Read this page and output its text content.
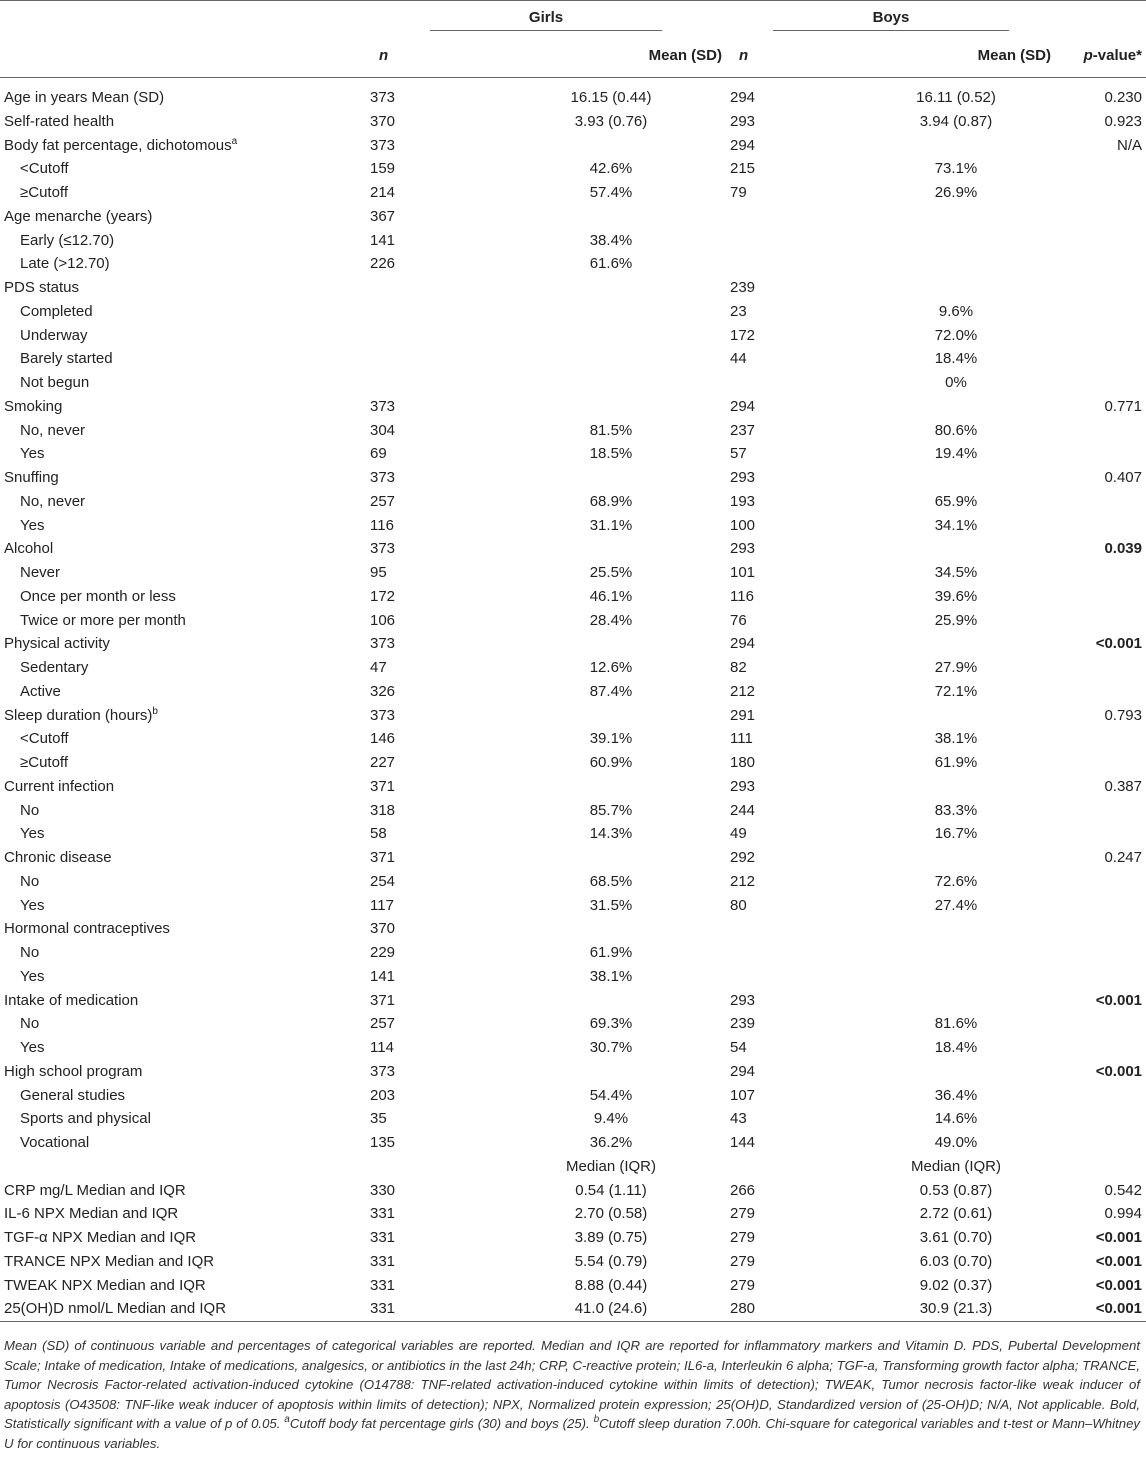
	Girls		Boys		
	n	Mean (SD)	n	Mean (SD)	p-value*

Age in years Mean (SD)	373	16.15 (0.44)	294	16.11 (0.52)	0.230
Self-rated health	370	3.93 (0.76)	293	3.94 (0.87)	0.923
Body fat percentage, dichotomous$^a$	373		294		N/A
<Cutoff	159	42.6%	215	73.1%	
≥Cutoff	214	57.4%	79	26.9%	
Age menarche (years)	367				
Early (≤12.70)	141	38.4%			
Late (>12.70)	226	61.6%			
PDS status			239		
Completed			23	9.6%	
Underway			172	72.0%	
Barely started			44	18.4%	
Not begun				0%	
Smoking	373		294		0.771
No, never	304	81.5%	237	80.6%	
Yes	69	18.5%	57	19.4%	
Snuffing	373		293		0.407
No, never	257	68.9%	193	65.9%	
Yes	116	31.1%	100	34.1%	
Alcohol	373		293		0.039
Never	95	25.5%	101	34.5%	
Once per month or less	172	46.1%	116	39.6%	
Twice or more per month	106	28.4%	76	25.9%	
Physical activity	373		294		<0.001
Sedentary	47	12.6%	82	27.9%	
Active	326	87.4%	212	72.1%	
Sleep duration (hours)$^b$	373		291		0.793
<Cutoff	146	39.1%	111	38.1%	
≥Cutoff	227	60.9%	180	61.9%	
Current infection	371		293		0.387
No	318	85.7%	244	83.3%	
Yes	58	14.3%	49	16.7%	
Chronic disease	371		292		0.247
No	254	68.5%	212	72.6%	
Yes	117	31.5%	80	27.4%	
Hormonal contraceptives	370				
No	229	61.9%			
Yes	141	38.1%			
Intake of medication	371		293		<0.001
No	257	69.3%	239	81.6%	
Yes	114	30.7%	54	18.4%	
High school program	373		294		<0.001
General studies	203	54.4%	107	36.4%	
Sports and physical	35	9.4%	43	14.6%	
Vocational	135	36.2%	144	49.0%	
		Median (IQR)		Median (IQR)	
CRP mg/L Median and IQR	330	0.54 (1.11)	266	0.53 (0.87)	0.542
IL-6 NPX Median and IQR	331	2.70 (0.58)	279	2.72 (0.61)	0.994
TGF-α NPX Median and IQR	331	3.89 (0.75)	279	3.61 (0.70)	<0.001
TRANCE NPX Median and IQR	331	5.54 (0.79)	279	6.03 (0.70)	<0.001
TWEAK NPX Median and IQR	331	8.88 (0.44)	279	9.02 (0.37)	<0.001
25(OH)D nmol/L Median and IQR	331	41.0 (24.6)	280	30.9 (21.3)	<0.001
Mean (SD) of continuous variable and percentages of categorical variables are reported. Median and IQR are reported for inflammatory markers and Vitamin D. PDS, Pubertal Development Scale; Intake of medication, Intake of medications, analgesics, or antibiotics in the last 24h; CRP, C-reactive protein; IL6-a, Interleukin 6 alpha; TGF-a, Transforming growth factor alpha; TRANCE, Tumor Necrosis Factor-related activation-induced cytokine (O14788: TNF-related activation-induced cytokine within limits of detection); TWEAK, Tumor necrosis factor-like weak inducer of apoptosis (O43508: TNF-like weak inducer of apoptosis within limits of detection); NPX, Normalized protein expression; 25(OH)D, Standardized version of (25-OH)D; N/A, Not applicable. Bold, Statistically significant with a value of p of 0.05. $^a$Cutoff body fat percentage girls (30) and boys (25). $^b$Cutoff sleep duration 7.00h. Chi-square for categorical variables and t-test or Mann–Whitney U for continuous variables.
